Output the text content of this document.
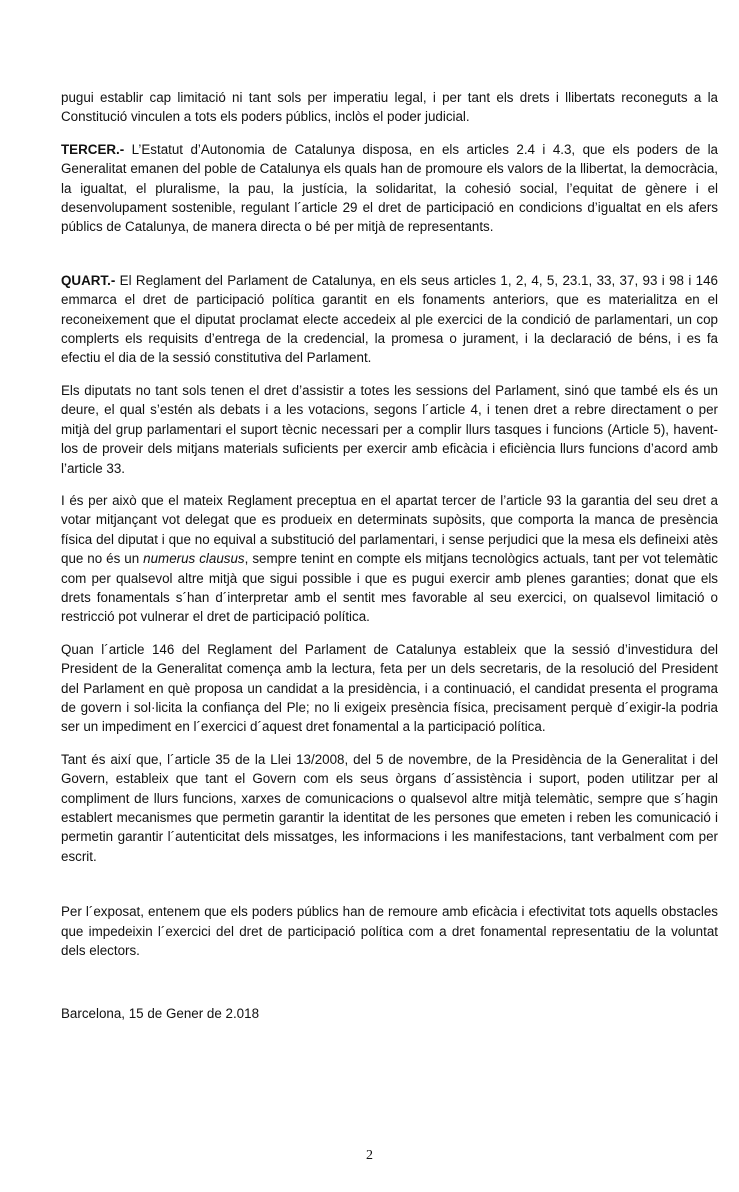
pugui establir cap limitació ni tant sols per imperatiu legal, i per tant els drets i llibertats reconeguts a la Constitució vinculen a tots els poders públics, inclòs el poder judicial.

TERCER.- L’Estatut d’Autonomia de Catalunya disposa, en els articles 2.4 i 4.3, que els poders de la Generalitat emanen del poble de Catalunya els quals han de promoure els valors de la llibertat, la democràcia, la igualtat, el pluralisme, la pau, la justícia, la solidaritat, la cohesió social, l’equitat de gènere i el desenvolupament sostenible, regulant l´article 29 el dret de participació en condicions d’igualtat en els afers públics de Catalunya, de manera directa o bé per mitjà de representants.

QUART.- El Reglament del Parlament de Catalunya, en els seus articles 1, 2, 4, 5, 23.1, 33, 37, 93 i 98 i 146 emmarca el dret de participació política garantit en els fonaments anteriors, que es materialitza en el reconeixement que el diputat proclamat electe accedeix al ple exercici de la condició de parlamentari, un cop complerts els requisits d’entrega de la credencial, la promesa o jurament, i la declaració de béns, i es fa efectiu el dia de la sessió constitutiva del Parlament.

Els diputats no tant sols tenen el dret d’assistir a totes les sessions del Parlament, sinó que també els és un deure, el qual s’estén als debats i a les votacions, segons l´article 4, i tenen dret a rebre directament o per mitjà del grup parlamentari el suport tècnic necessari per a complir llurs tasques i funcions (Article 5), havent-los de proveir dels mitjans materials suficients per exercir amb eficàcia i eficiència llurs funcions d’acord amb l’article 33.

I és per això que el mateix Reglament preceptua en el apartat tercer de l’article 93 la garantia del seu dret a votar mitjançant vot delegat que es produeix en determinats supòsits, que comporta la manca de presència física del diputat i que no equival a substitució del parlamentari, i sense perjudici que la mesa els defineixi atès que no és un numerus clausus, sempre tenint en compte els mitjans tecnològics actuals, tant per vot telemàtic com per qualsevol altre mitjà que sigui possible i que es pugui exercir amb plenes garanties; donat que els drets fonamentals s´han d´interpretar amb el sentit mes favorable al seu exercici, on qualsevol limitació o restricció pot vulnerar el dret de participació política.

Quan l´article 146 del Reglament del Parlament de Catalunya estableix que la sessió d’investidura del President de la Generalitat comença amb la lectura, feta per un dels secretaris, de la resolució del President del Parlament en què proposa un candidat a la presidència, i a continuació, el candidat presenta el programa de govern i sol·licita la confiança del Ple; no li exigeix presència física, precisament perquè d´exigir-la podria ser un impediment en l´exercici d´aquest dret fonamental a la participació política.

Tant és així que, l´article 35 de la Llei 13/2008, del 5 de novembre, de la Presidència de la Generalitat i del Govern, estableix que tant el Govern com els seus òrgans d´assistència i suport, poden utilitzar per al compliment de llurs funcions, xarxes de comunicacions o qualsevol altre mitjà telemàtic, sempre que s´hagin establert mecanismes que permetin garantir la identitat de les persones que emeten i reben les comunicació i permetin garantir l´autenticitat dels missatges, les informacions i les manifestacions, tant verbalment com per escrit.

Per l´exposat, entenem que els poders públics han de remoure amb eficàcia i efectivitat tots aquells obstacles que impedeixin l´exercici del dret de participació política com a dret fonamental representatiu de la voluntat dels electors.

Barcelona, 15 de Gener de 2.018
2
